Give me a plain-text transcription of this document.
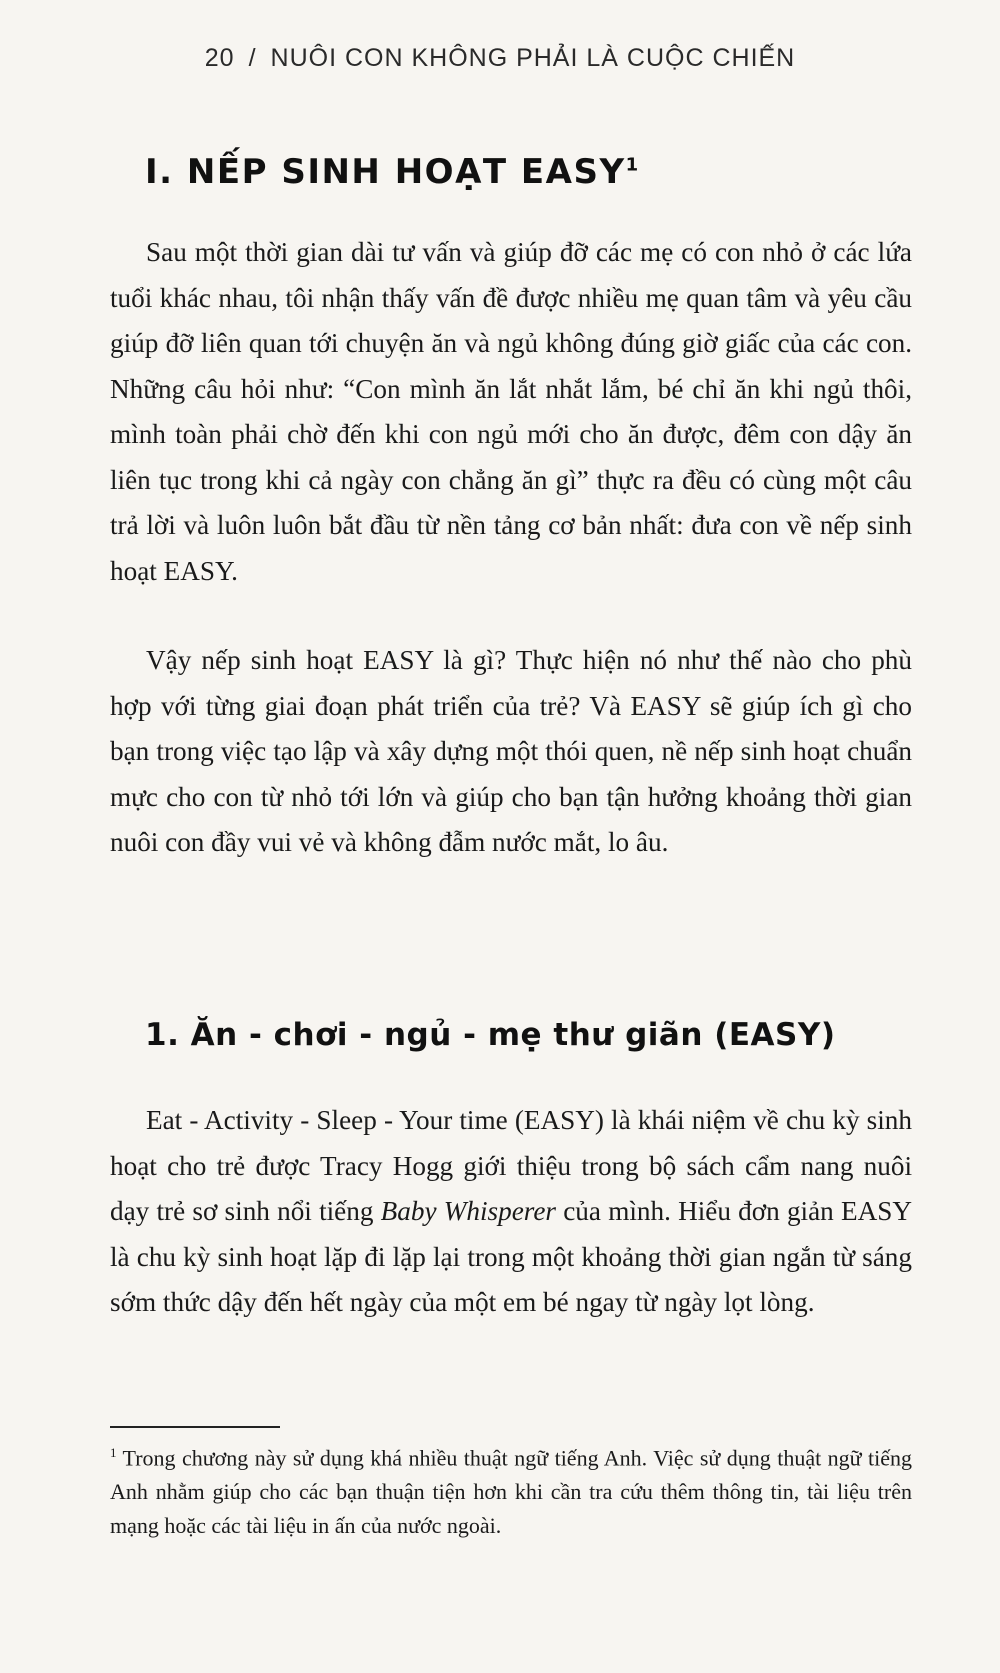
20 / NUÔI CON KHÔNG PHẢI LÀ CUỘC CHIẾN
I. NẾP SINH HOẠT EASY$^1$

Sau một thời gian dài tư vấn và giúp đỡ các mẹ có con nhỏ ở các lứa tuổi khác nhau, tôi nhận thấy vấn đề được nhiều mẹ quan tâm và yêu cầu giúp đỡ liên quan tới chuyện ăn và ngủ không đúng giờ giấc của các con. Những câu hỏi như: “Con mình ăn lắt nhắt lắm, bé chỉ ăn khi ngủ thôi, mình toàn phải chờ đến khi con ngủ mới cho ăn được, đêm con dậy ăn liên tục trong khi cả ngày con chẳng ăn gì” thực ra đều có cùng một câu trả lời và luôn luôn bắt đầu từ nền tảng cơ bản nhất: đưa con về nếp sinh hoạt EASY.

Vậy nếp sinh hoạt EASY là gì? Thực hiện nó như thế nào cho phù hợp với từng giai đoạn phát triển của trẻ? Và EASY sẽ giúp ích gì cho bạn trong việc tạo lập và xây dựng một thói quen, nề nếp sinh hoạt chuẩn mực cho con từ nhỏ tới lớn và giúp cho bạn tận hưởng khoảng thời gian nuôi con đầy vui vẻ và không đẫm nước mắt, lo âu.

1. Ăn - chơi - ngủ - mẹ thư giãn (EASY)

Eat - Activity - Sleep - Your time (EASY) là khái niệm về chu kỳ sinh hoạt cho trẻ được Tracy Hogg giới thiệu trong bộ sách cẩm nang nuôi dạy trẻ sơ sinh nổi tiếng Baby Whisperer của mình. Hiểu đơn giản EASY là chu kỳ sinh hoạt lặp đi lặp lại trong một khoảng thời gian ngắn từ sáng sớm thức dậy đến hết ngày của một em bé ngay từ ngày lọt lòng.

$^1$ Trong chương này sử dụng khá nhiều thuật ngữ tiếng Anh. Việc sử dụng thuật ngữ tiếng Anh nhằm giúp cho các bạn thuận tiện hơn khi cần tra cứu thêm thông tin, tài liệu trên mạng hoặc các tài liệu in ấn của nước ngoài.
